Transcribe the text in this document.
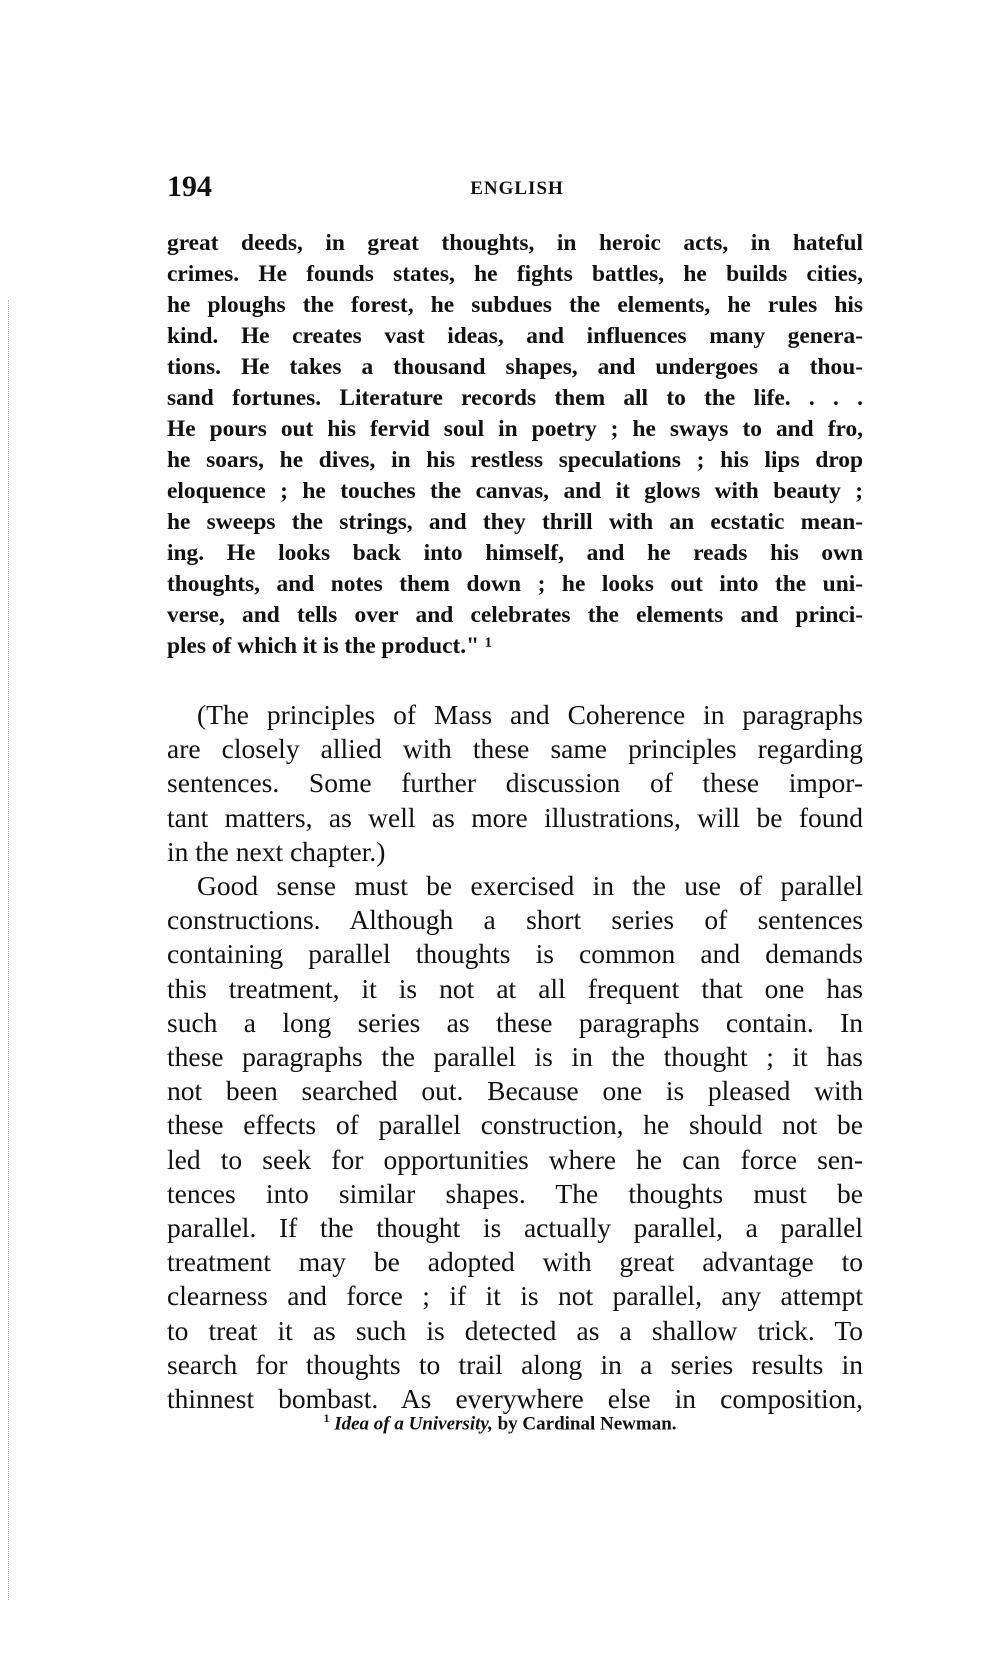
194	ENGLISH
great deeds, in great thoughts, in heroic acts, in hateful
crimes. He founds states, he fights battles, he builds cities,
he ploughs the forest, he subdues the elements, he rules his
kind. He creates vast ideas, and influences many genera-
tions. He takes a thousand shapes, and undergoes a thou-
sand fortunes. Literature records them all to the life. . . .
He pours out his fervid soul in poetry ; he sways to and fro,
he soars, he dives, in his restless speculations ; his lips drop
eloquence ; he touches the canvas, and it glows with beauty ;
he sweeps the strings, and they thrill with an ecstatic mean-
ing. He looks back into himself, and he reads his own
thoughts, and notes them down ; he looks out into the uni-
verse, and tells over and celebrates the elements and princi-
ples of which it is the product." ¹
(The principles of Mass and Coherence in paragraphs
are closely allied with these same principles regarding
sentences. Some further discussion of these impor-
tant matters, as well as more illustrations, will be found
in the next chapter.)
Good sense must be exercised in the use of parallel
constructions. Although a short series of sentences
containing parallel thoughts is common and demands
this treatment, it is not at all frequent that one has
such a long series as these paragraphs contain. In
these paragraphs the parallel is in the thought ; it has
not been searched out. Because one is pleased with
these effects of parallel construction, he should not be
led to seek for opportunities where he can force sen-
tences into similar shapes. The thoughts must be
parallel. If the thought is actually parallel, a parallel
treatment may be adopted with great advantage to
clearness and force ; if it is not parallel, any attempt
to treat it as such is detected as a shallow trick. To
search for thoughts to trail along in a series results in
thinnest bombast. As everywhere else in composition,
$^1$ Idea of a University, by Cardinal Newman.
